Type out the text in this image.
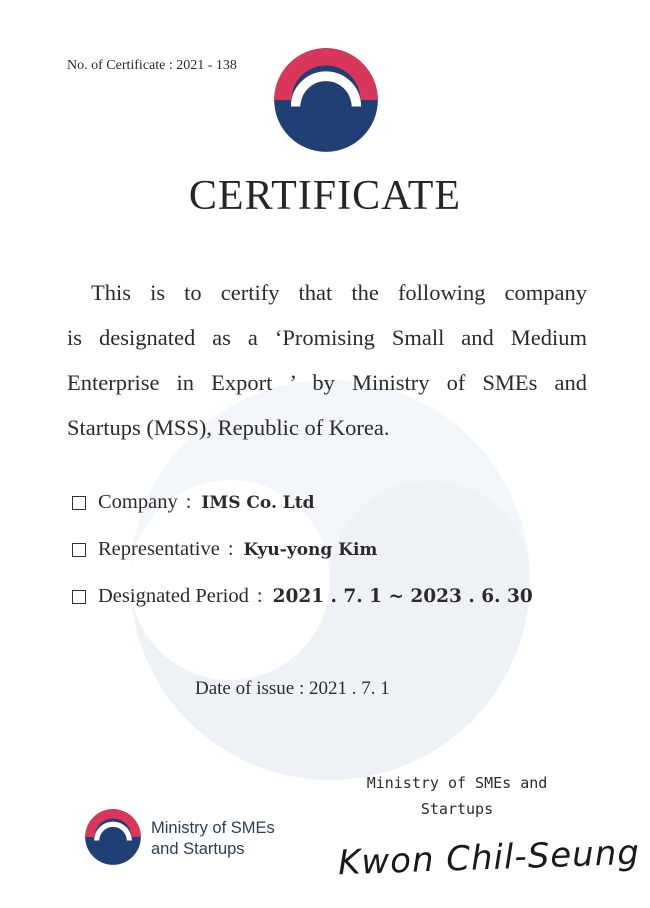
No. of Certificate : 2021 - 138
CERTIFICATE

This is to certify that the following company

is designated as a ‘Promising Small and Medium

Enterprise in Export ’ by Ministry of SMEs and

Startups (MSS), Republic of Korea.

Company : IMS Co. Ltd
Representative : Kyu-yong Kim
Designated Period : 2021 . 7. 1 ~ 2023 . 6. 30
Date of issue : 2021 . 7. 1
Ministry of SMEs and
Startups
Kwon Chil-Seung
Ministry of SMEs
and Startups
